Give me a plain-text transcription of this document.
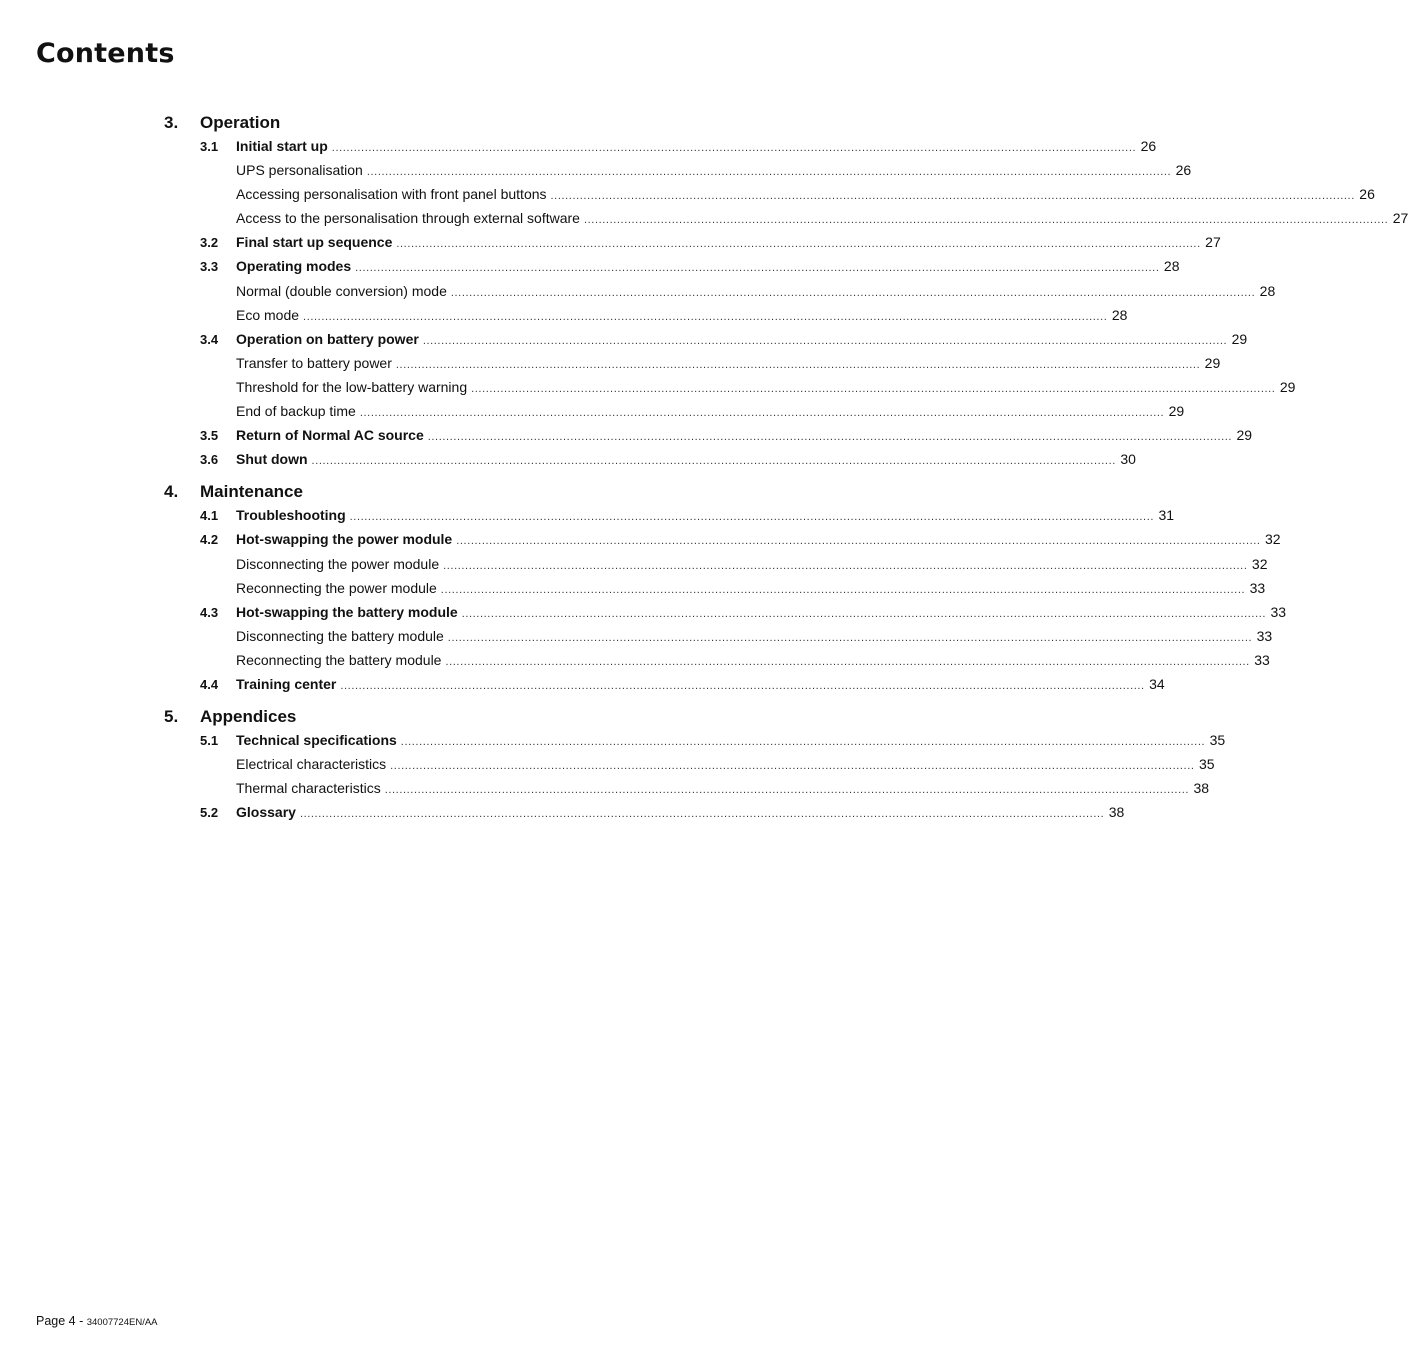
Contents
3.	Operation
3.1	Initial start up ............................................................................................................................................................................................................................ 26
UPS personalisation ............................................................................................................................................................................................................................ 26
Accessing personalisation with front panel buttons ............................................................................................................................................................................................................................ 26
Access to the personalisation through external software ............................................................................................................................................................................................................................ 27
3.2	Final start up sequence ............................................................................................................................................................................................................................ 27
3.3	Operating modes ............................................................................................................................................................................................................................ 28
Normal (double conversion) mode ............................................................................................................................................................................................................................ 28
Eco mode ............................................................................................................................................................................................................................ 28
3.4	Operation on battery power ............................................................................................................................................................................................................................ 29
Transfer to battery power ............................................................................................................................................................................................................................ 29
Threshold for the low-battery warning ............................................................................................................................................................................................................................ 29
End of backup time ............................................................................................................................................................................................................................ 29
3.5	Return of Normal AC source ............................................................................................................................................................................................................................ 29
3.6	Shut down ............................................................................................................................................................................................................................ 30
4.	Maintenance
4.1	Troubleshooting ............................................................................................................................................................................................................................ 31
4.2	Hot-swapping the power module ............................................................................................................................................................................................................................ 32
Disconnecting the power module ............................................................................................................................................................................................................................ 32
Reconnecting the power module ............................................................................................................................................................................................................................ 33
4.3	Hot-swapping the battery module ............................................................................................................................................................................................................................ 33
Disconnecting the battery module ............................................................................................................................................................................................................................ 33
Reconnecting the battery module ............................................................................................................................................................................................................................ 33
4.4	Training center ............................................................................................................................................................................................................................ 34
5.	Appendices
5.1	Technical specifications ............................................................................................................................................................................................................................ 35
Electrical characteristics ............................................................................................................................................................................................................................ 35
Thermal characteristics ............................................................................................................................................................................................................................ 38
5.2	Glossary ............................................................................................................................................................................................................................ 38
Page 4 - 34007724EN/AA
